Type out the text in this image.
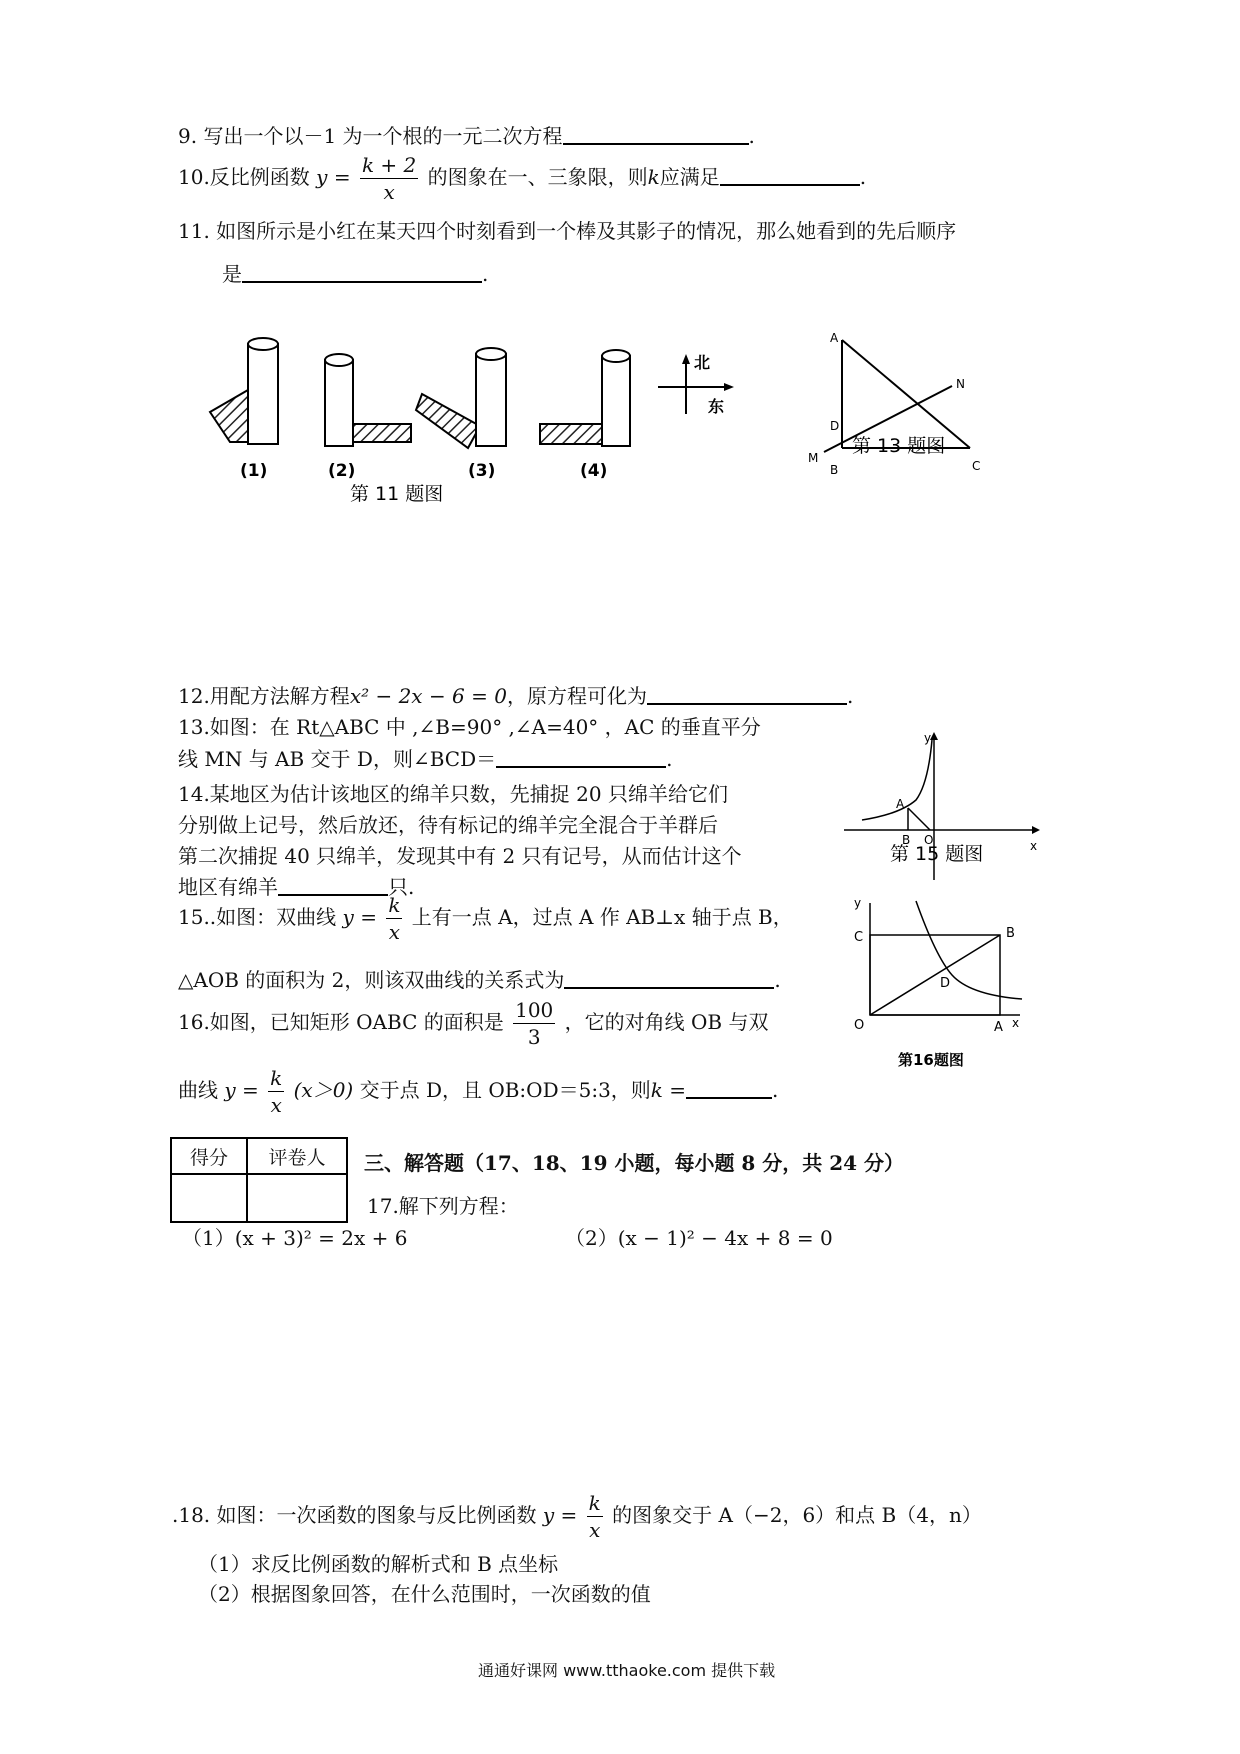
9. 写出一个以－1 为一个根的一元二次方程	.
10.反比例函数 $y = \frac{k + 2}{x}$ 的图象在一、三象限，则k应满足	.
11. 如图所示是小红在某天四个时刻看到一个棒及其影子的情况，那么她看到的先后顺序
是	.
北
东
(1)	(2)	(3)	(4)
第 11 题图
A
D
B	C
M
N
第 13 题图
12.用配方法解方程x² − 2x − 6 = 0，原方程可化为	.
13.如图：在 Rt△ABC 中 ,∠B=90° ,∠A=40° ，AC 的垂直平分
线 MN 与 AB 交于 D，则∠BCD＝	.
14.某地区为估计该地区的绵羊只数，先捕捉 20 只绵羊给它们
分别做上记号，然后放还，待有标记的绵羊完全混合于羊群后
第二次捕捉 40 只绵羊，发现其中有 2 只有记号，从而估计这个
地区有绵羊	只.
y
x
A
B O
第 15 题图
15..如图：双曲线 $y = \frac{k}{x}$ 上有一点 A，过点 A 作 AB⊥x 轴于点 B，
△AOB 的面积为 2，则该双曲线的关系式为	.
y
x
C	B
D
O	A
第16题图
16.如图，已知矩形 OABC 的面积是 $\frac{100}{3}$ ，它的对角线 OB 与双
曲线 $y = \frac{k}{x} (x>0)$ 交于点 D，且 OB:OD＝5:3，则k =	.
得分	评卷人
	三、解答题（17、18、19 小题，每小题 8 分，共 24 分）
17.解下列方程：
（1）(x + 3)² = 2x + 6	（2）(x − 1)² − 4x + 8 = 0
.18. 如图：一次函数的图象与反比例函数 $y = \frac{k}{x}$ 的图象交于 A（−2，6）和点 B（4，n）
（1）求反比例函数的解析式和 B 点坐标
（2）根据图象回答，在什么范围时，一次函数的值
通通好课网 www.tthaoke.com 提供下载
